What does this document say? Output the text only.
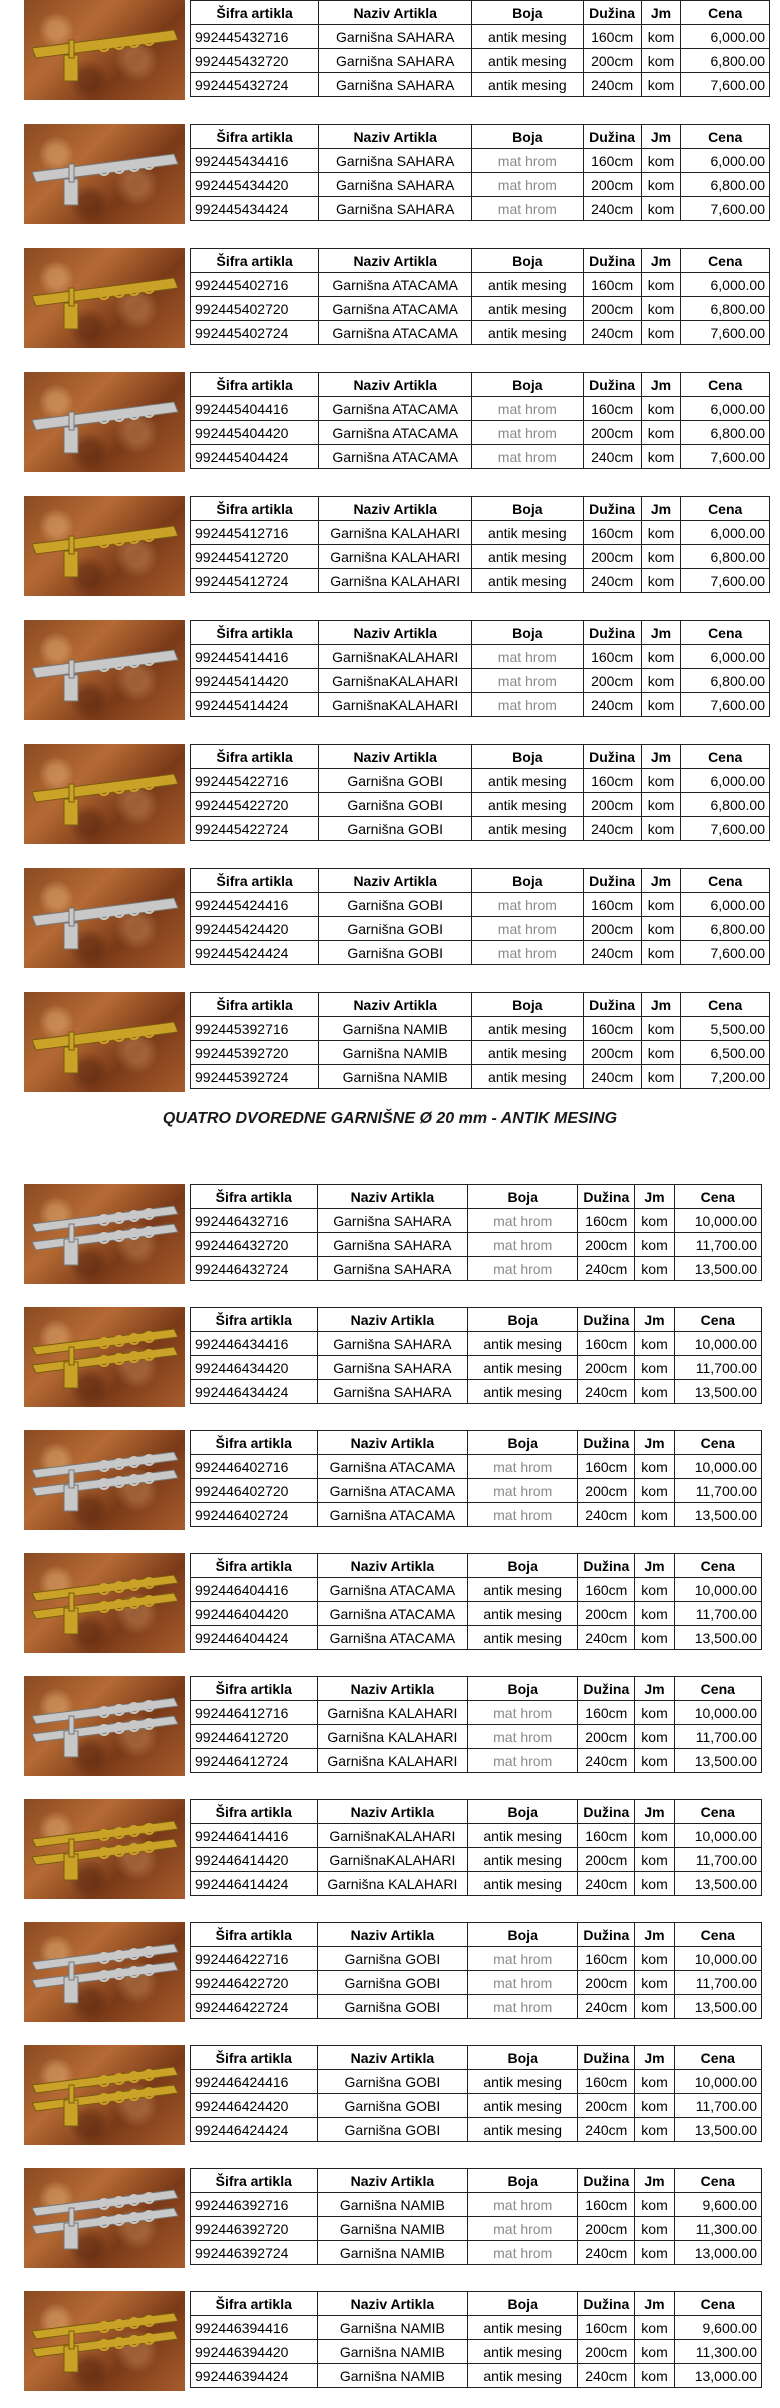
QUATRO DVOREDNE GARNIŠNE Ø 20 mm - ANTIK MESING
Šifra artikla	Naziv Artikla	Boja	Dužina	Jm	Cena
992445432716	Garnišna SAHARA	antik mesing	160cm	kom	6,000.00
992445432720	Garnišna SAHARA	antik mesing	200cm	kom	6,800.00
992445432724	Garnišna SAHARA	antik mesing	240cm	kom	7,600.00
Šifra artikla	Naziv Artikla	Boja	Dužina	Jm	Cena
992445434416	Garnišna SAHARA	mat hrom	160cm	kom	6,000.00
992445434420	Garnišna SAHARA	mat hrom	200cm	kom	6,800.00
992445434424	Garnišna SAHARA	mat hrom	240cm	kom	7,600.00
Šifra artikla	Naziv Artikla	Boja	Dužina	Jm	Cena
992445402716	Garnišna ATACAMA	antik mesing	160cm	kom	6,000.00
992445402720	Garnišna ATACAMA	antik mesing	200cm	kom	6,800.00
992445402724	Garnišna ATACAMA	antik mesing	240cm	kom	7,600.00
Šifra artikla	Naziv Artikla	Boja	Dužina	Jm	Cena
992445404416	Garnišna ATACAMA	mat hrom	160cm	kom	6,000.00
992445404420	Garnišna ATACAMA	mat hrom	200cm	kom	6,800.00
992445404424	Garnišna ATACAMA	mat hrom	240cm	kom	7,600.00
Šifra artikla	Naziv Artikla	Boja	Dužina	Jm	Cena
992445412716	Garnišna KALAHARI	antik mesing	160cm	kom	6,000.00
992445412720	Garnišna KALAHARI	antik mesing	200cm	kom	6,800.00
992445412724	Garnišna KALAHARI	antik mesing	240cm	kom	7,600.00
Šifra artikla	Naziv Artikla	Boja	Dužina	Jm	Cena
992445414416	GarnišnaKALAHARI	mat hrom	160cm	kom	6,000.00
992445414420	GarnišnaKALAHARI	mat hrom	200cm	kom	6,800.00
992445414424	GarnišnaKALAHARI	mat hrom	240cm	kom	7,600.00
Šifra artikla	Naziv Artikla	Boja	Dužina	Jm	Cena
992445422716	Garnišna GOBI	antik mesing	160cm	kom	6,000.00
992445422720	Garnišna GOBI	antik mesing	200cm	kom	6,800.00
992445422724	Garnišna GOBI	antik mesing	240cm	kom	7,600.00
Šifra artikla	Naziv Artikla	Boja	Dužina	Jm	Cena
992445424416	Garnišna GOBI	mat hrom	160cm	kom	6,000.00
992445424420	Garnišna GOBI	mat hrom	200cm	kom	6,800.00
992445424424	Garnišna GOBI	mat hrom	240cm	kom	7,600.00
Šifra artikla	Naziv Artikla	Boja	Dužina	Jm	Cena
992445392716	Garnišna NAMIB	antik mesing	160cm	kom	5,500.00
992445392720	Garnišna NAMIB	antik mesing	200cm	kom	6,500.00
992445392724	Garnišna NAMIB	antik mesing	240cm	kom	7,200.00
Šifra artikla	Naziv Artikla	Boja	Dužina	Jm	Cena
992446432716	Garnišna SAHARA	mat hrom	160cm	kom	10,000.00
992446432720	Garnišna SAHARA	mat hrom	200cm	kom	11,700.00
992446432724	Garnišna SAHARA	mat hrom	240cm	kom	13,500.00
Šifra artikla	Naziv Artikla	Boja	Dužina	Jm	Cena
992446434416	Garnišna SAHARA	antik mesing	160cm	kom	10,000.00
992446434420	Garnišna SAHARA	antik mesing	200cm	kom	11,700.00
992446434424	Garnišna SAHARA	antik mesing	240cm	kom	13,500.00
Šifra artikla	Naziv Artikla	Boja	Dužina	Jm	Cena
992446402716	Garnišna ATACAMA	mat hrom	160cm	kom	10,000.00
992446402720	Garnišna ATACAMA	mat hrom	200cm	kom	11,700.00
992446402724	Garnišna ATACAMA	mat hrom	240cm	kom	13,500.00
Šifra artikla	Naziv Artikla	Boja	Dužina	Jm	Cena
992446404416	Garnišna ATACAMA	antik mesing	160cm	kom	10,000.00
992446404420	Garnišna ATACAMA	antik mesing	200cm	kom	11,700.00
992446404424	Garnišna ATACAMA	antik mesing	240cm	kom	13,500.00
Šifra artikla	Naziv Artikla	Boja	Dužina	Jm	Cena
992446412716	Garnišna KALAHARI	mat hrom	160cm	kom	10,000.00
992446412720	Garnišna KALAHARI	mat hrom	200cm	kom	11,700.00
992446412724	Garnišna KALAHARI	mat hrom	240cm	kom	13,500.00
Šifra artikla	Naziv Artikla	Boja	Dužina	Jm	Cena
992446414416	GarnišnaKALAHARI	antik mesing	160cm	kom	10,000.00
992446414420	GarnišnaKALAHARI	antik mesing	200cm	kom	11,700.00
992446414424	Garnišna KALAHARI	antik mesing	240cm	kom	13,500.00
Šifra artikla	Naziv Artikla	Boja	Dužina	Jm	Cena
992446422716	Garnišna GOBI	mat hrom	160cm	kom	10,000.00
992446422720	Garnišna GOBI	mat hrom	200cm	kom	11,700.00
992446422724	Garnišna GOBI	mat hrom	240cm	kom	13,500.00
Šifra artikla	Naziv Artikla	Boja	Dužina	Jm	Cena
992446424416	Garnišna GOBI	antik mesing	160cm	kom	10,000.00
992446424420	Garnišna GOBI	antik mesing	200cm	kom	11,700.00
992446424424	Garnišna GOBI	antik mesing	240cm	kom	13,500.00
Šifra artikla	Naziv Artikla	Boja	Dužina	Jm	Cena
992446392716	Garnišna NAMIB	mat hrom	160cm	kom	9,600.00
992446392720	Garnišna NAMIB	mat hrom	200cm	kom	11,300.00
992446392724	Garnišna NAMIB	mat hrom	240cm	kom	13,000.00
Šifra artikla	Naziv Artikla	Boja	Dužina	Jm	Cena
992446394416	Garnišna NAMIB	antik mesing	160cm	kom	9,600.00
992446394420	Garnišna NAMIB	antik mesing	200cm	kom	11,300.00
992446394424	Garnišna NAMIB	antik mesing	240cm	kom	13,000.00
